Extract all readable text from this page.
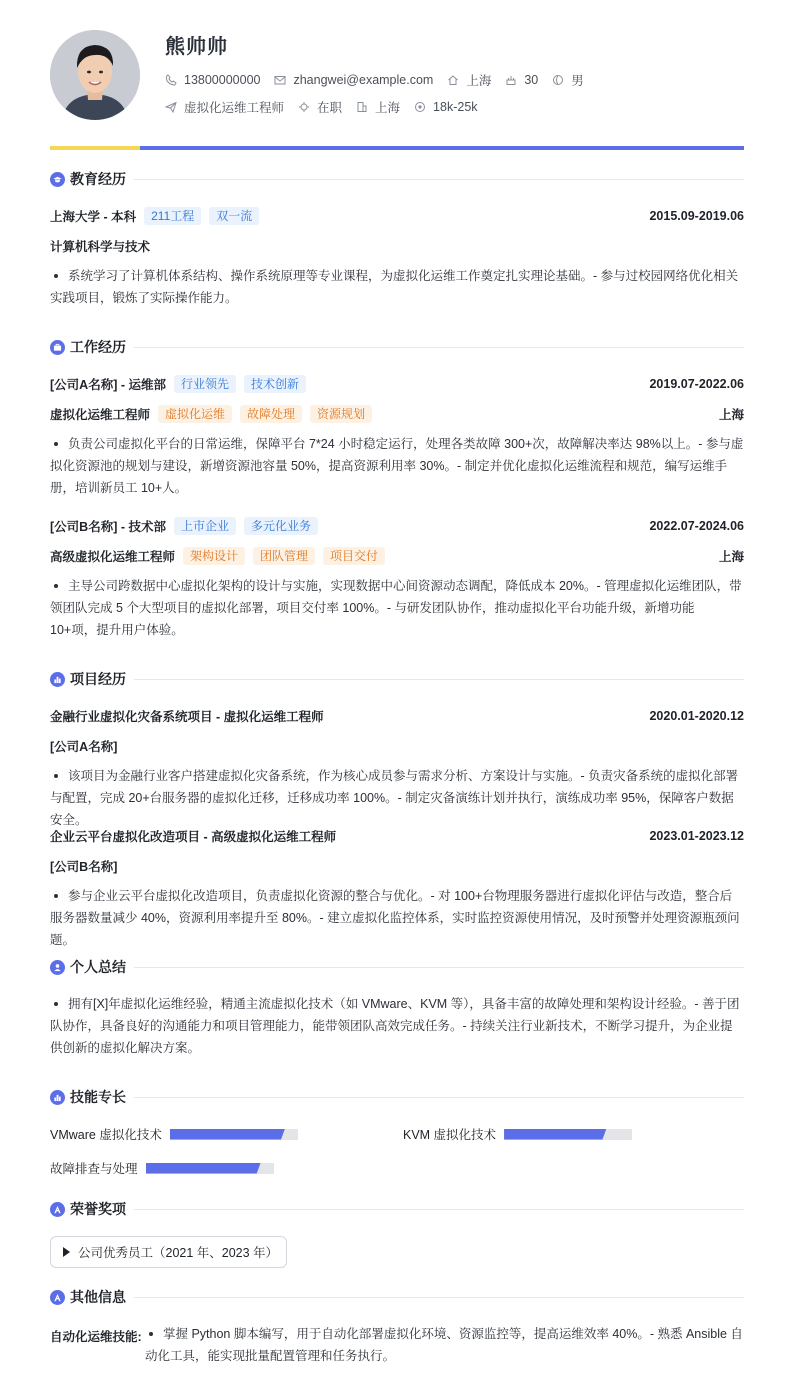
熊帅帅
13800000000	zhangwei@example.com	上海	30	男
虚拟化运维工程师	在职	上海	18k-25k
教育经历
上海大学 - 本科	211工程	双一流	2015.09-2019.06
计算机科学与技术
系统学习了计算机体系结构、操作系统原理等专业课程，为虚拟化运维工作奠定扎实理论基础。- 参与过校园网络优化相关实践项目，锻炼了实际操作能力。
工作经历
[公司A名称] - 运维部	行业领先	技术创新	2019.07-2022.06
虚拟化运维工程师	虚拟化运维	故障处理	资源规划	上海
负责公司虚拟化平台的日常运维，保障平台 7*24 小时稳定运行，处理各类故障 300+次，故障解决率达 98%以上。- 参与虚拟化资源池的规划与建设，新增资源池容量 50%，提高资源利用率 30%。- 制定并优化虚拟化运维流程和规范，编写运维手册，培训新员工 10+人。
[公司B名称] - 技术部	上市企业	多元化业务	2022.07-2024.06
高级虚拟化运维工程师	架构设计	团队管理	项目交付	上海
主导公司跨数据中心虚拟化架构的设计与实施，实现数据中心间资源动态调配，降低成本 20%。- 管理虚拟化运维团队，带领团队完成 5 个大型项目的虚拟化部署，项目交付率 100%。- 与研发团队协作，推动虚拟化平台功能升级，新增功能 10+项，提升用户体验。
项目经历
金融行业虚拟化灾备系统项目 - 虚拟化运维工程师	2020.01-2020.12
[公司A名称]
该项目为金融行业客户搭建虚拟化灾备系统，作为核心成员参与需求分析、方案设计与实施。- 负责灾备系统的虚拟化部署与配置，完成 20+台服务器的虚拟化迁移，迁移成功率 100%。- 制定灾备演练计划并执行，演练成功率 95%，保障客户数据安全。
企业云平台虚拟化改造项目 - 高级虚拟化运维工程师	2023.01-2023.12
[公司B名称]
参与企业云平台虚拟化改造项目，负责虚拟化资源的整合与优化。- 对 100+台物理服务器进行虚拟化评估与改造，整合后服务器数量减少 40%，资源利用率提升至 80%。- 建立虚拟化监控体系，实时监控资源使用情况，及时预警并处理资源瓶颈问题。
个人总结
拥有[X]年虚拟化运维经验，精通主流虚拟化技术（如 VMware、KVM 等），具备丰富的故障处理和架构设计经验。- 善于团队协作，具备良好的沟通能力和项目管理能力，能带领团队高效完成任务。- 持续关注行业新技术，不断学习提升，为企业提供创新的虚拟化解决方案。
技能专长
VMware 虚拟化技术	KVM 虚拟化技术
故障排查与处理
荣誉奖项
公司优秀员工（2021 年、2023 年）
其他信息
自动化运维技能:	掌握 Python 脚本编写，用于自动化部署虚拟化环境、资源监控等，提高运维效率 40%。- 熟悉 Ansible 自动化工具，能实现批量配置管理和任务执行。
